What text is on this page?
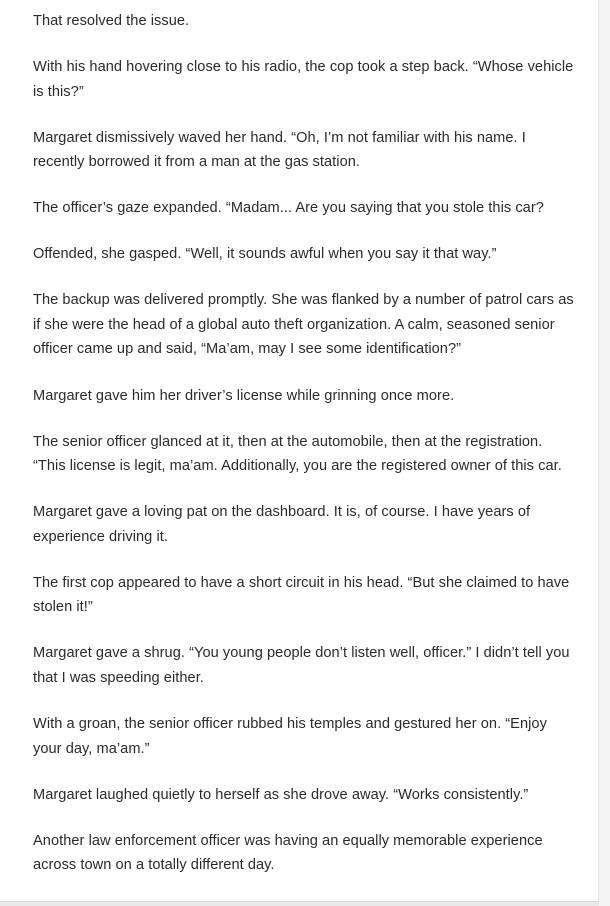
That resolved the issue.

With his hand hovering close to his radio, the cop took a step back. “Whose vehicle is this?”

Margaret dismissively waved her hand. “Oh, I’m not familiar with his name. I recently borrowed it from a man at the gas station.

The officer’s gaze expanded. “Madam... Are you saying that you stole this car?

Offended, she gasped. “Well, it sounds awful when you say it that way.”

The backup was delivered promptly. She was flanked by a number of patrol cars as if she were the head of a global auto theft organization. A calm, seasoned senior officer came up and said, “Ma’am, may I see some identification?”

Margaret gave him her driver’s license while grinning once more.

The senior officer glanced at it, then at the automobile, then at the registration. “This license is legit, ma’am. Additionally, you are the registered owner of this car.

Margaret gave a loving pat on the dashboard. It is, of course. I have years of experience driving it.

The first cop appeared to have a short circuit in his head. “But she claimed to have stolen it!”

Margaret gave a shrug. “You young people don’t listen well, officer.” I didn’t tell you that I was speeding either.

With a groan, the senior officer rubbed his temples and gestured her on. “Enjoy your day, ma’am.”

Margaret laughed quietly to herself as she drove away. “Works consistently.”

Another law enforcement officer was having an equally memorable experience across town on a totally different day.
